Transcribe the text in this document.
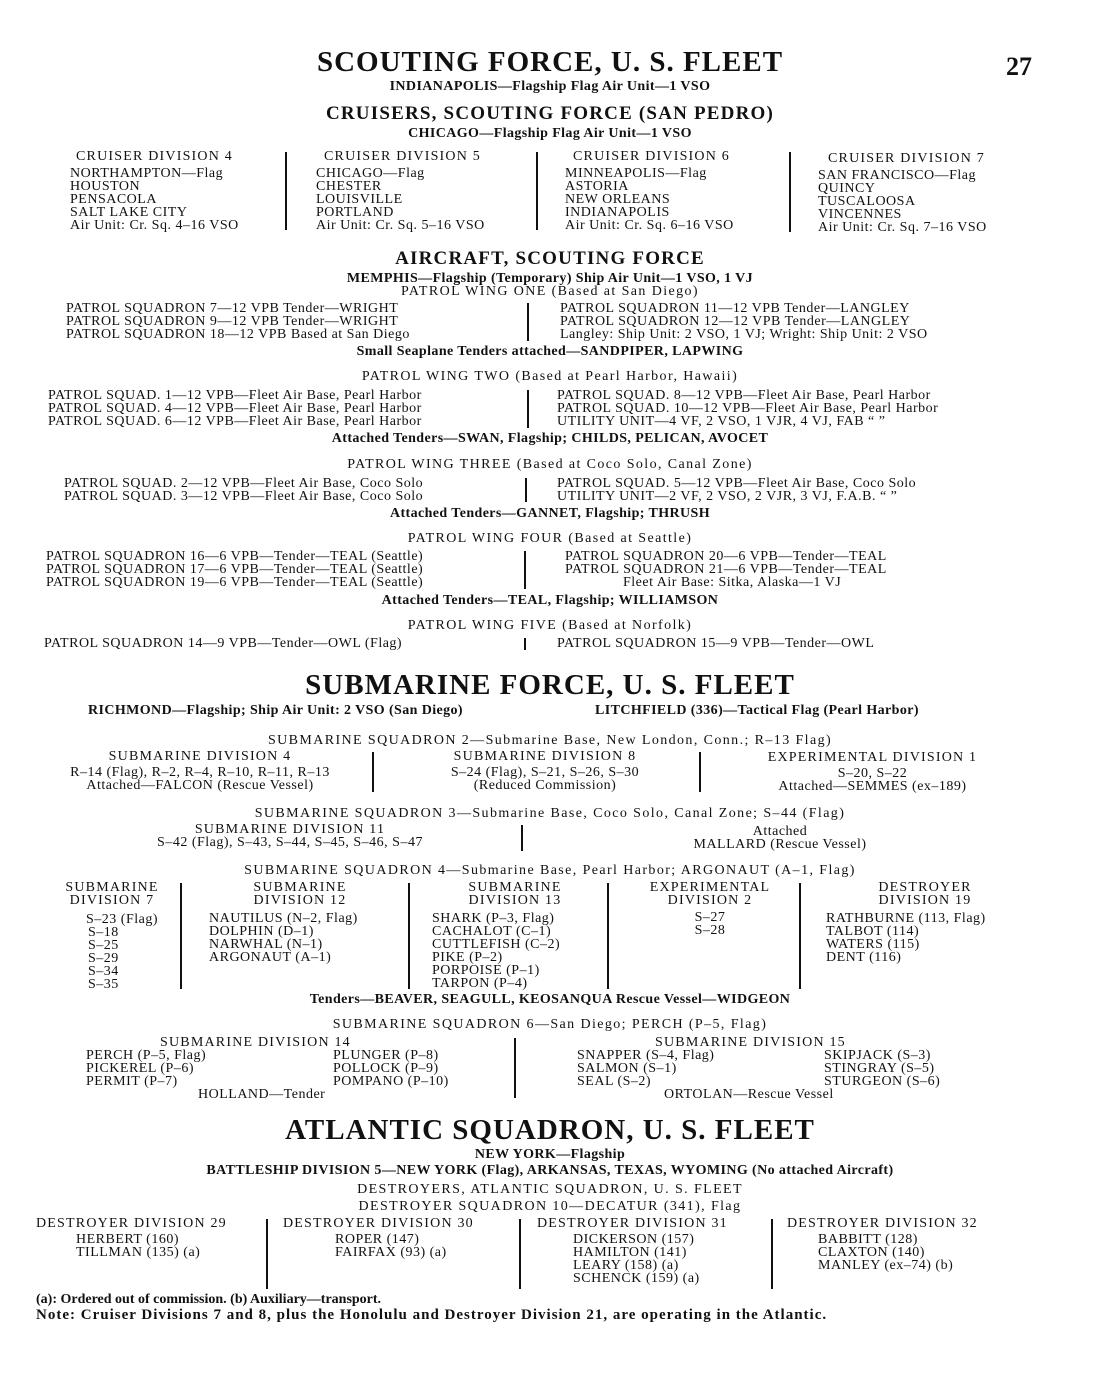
27
SCOUTING FORCE, U. S. FLEET
INDIANAPOLIS—Flagship Flag Air Unit—1 VSO
CRUISERS, SCOUTING FORCE (SAN PEDRO)
CHICAGO—Flagship Flag Air Unit—1 VSO
CRUISER DIVISION 4
NORTHAMPTON—Flag
HOUSTON
PENSACOLA
SALT LAKE CITY
Air Unit: Cr. Sq. 4–16 VSO
CRUISER DIVISION 5
CHICAGO—Flag
CHESTER
LOUISVILLE
PORTLAND
Air Unit: Cr. Sq. 5–16 VSO
CRUISER DIVISION 6
MINNEAPOLIS—Flag
ASTORIA
NEW ORLEANS
INDIANAPOLIS
Air Unit: Cr. Sq. 6–16 VSO
CRUISER DIVISION 7
SAN FRANCISCO—Flag
QUINCY
TUSCALOOSA
VINCENNES
Air Unit: Cr. Sq. 7–16 VSO
AIRCRAFT, SCOUTING FORCE
MEMPHIS—Flagship (Temporary) Ship Air Unit—1 VSO, 1 VJ
PATROL WING ONE (Based at San Diego)
PATROL SQUADRON 7—12 VPB Tender—WRIGHT
PATROL SQUADRON 9—12 VPB Tender—WRIGHT
PATROL SQUADRON 18—12 VPB Based at San Diego
PATROL SQUADRON 11—12 VPB Tender—LANGLEY
PATROL SQUADRON 12—12 VPB Tender—LANGLEY
Langley: Ship Unit: 2 VSO, 1 VJ; Wright: Ship Unit: 2 VSO
Small Seaplane Tenders attached—SANDPIPER, LAPWING
PATROL WING TWO (Based at Pearl Harbor, Hawaii)
PATROL SQUAD. 1—12 VPB—Fleet Air Base, Pearl Harbor
PATROL SQUAD. 4—12 VPB—Fleet Air Base, Pearl Harbor
PATROL SQUAD. 6—12 VPB—Fleet Air Base, Pearl Harbor
PATROL SQUAD. 8—12 VPB—Fleet Air Base, Pearl Harbor
PATROL SQUAD. 10—12 VPB—Fleet Air Base, Pearl Harbor
UTILITY UNIT—4 VF, 2 VSO, 1 VJR, 4 VJ, FAB “ ”
Attached Tenders—SWAN, Flagship; CHILDS, PELICAN, AVOCET
PATROL WING THREE (Based at Coco Solo, Canal Zone)
PATROL SQUAD. 2—12 VPB—Fleet Air Base, Coco Solo
PATROL SQUAD. 3—12 VPB—Fleet Air Base, Coco Solo
PATROL SQUAD. 5—12 VPB—Fleet Air Base, Coco Solo
UTILITY UNIT—2 VF, 2 VSO, 2 VJR, 3 VJ, F.A.B. “ ”
Attached Tenders—GANNET, Flagship; THRUSH
PATROL WING FOUR (Based at Seattle)
PATROL SQUADRON 16—6 VPB—Tender—TEAL (Seattle)
PATROL SQUADRON 17—6 VPB—Tender—TEAL (Seattle)
PATROL SQUADRON 19—6 VPB—Tender—TEAL (Seattle)
PATROL SQUADRON 20—6 VPB—Tender—TEAL
PATROL SQUADRON 21—6 VPB—Tender—TEAL
Fleet Air Base: Sitka, Alaska—1 VJ
Attached Tenders—TEAL, Flagship; WILLIAMSON
PATROL WING FIVE (Based at Norfolk)
PATROL SQUADRON 14—9 VPB—Tender—OWL (Flag)	PATROL SQUADRON 15—9 VPB—Tender—OWL
SUBMARINE FORCE, U. S. FLEET
RICHMOND—Flagship; Ship Air Unit: 2 VSO (San Diego)	LITCHFIELD (336)—Tactical Flag (Pearl Harbor)
SUBMARINE SQUADRON 2—Submarine Base, New London, Conn.; R–13 Flag)
SUBMARINE DIVISION 4
R–14 (Flag), R–2, R–4, R–10, R–11, R–13
Attached—FALCON (Rescue Vessel)
SUBMARINE DIVISION 8
S–24 (Flag), S–21, S–26, S–30
(Reduced Commission)
EXPERIMENTAL DIVISION 1
S–20, S–22
Attached—SEMMES (ex–189)
SUBMARINE SQUADRON 3—Submarine Base, Coco Solo, Canal Zone; S–44 (Flag)
SUBMARINE DIVISION 11
S–42 (Flag), S–43, S–44, S–45, S–46, S–47
Attached
MALLARD (Rescue Vessel)
SUBMARINE SQUADRON 4—Submarine Base, Pearl Harbor; ARGONAUT (A–1, Flag)
SUBMARINE
DIVISION 7
S–23 (Flag)
S–18
S–25
S–29
S–34
S–35
SUBMARINE
DIVISION 12
NAUTILUS (N–2, Flag)
DOLPHIN (D–1)
NARWHAL (N–1)
ARGONAUT (A–1)
SUBMARINE
DIVISION 13
SHARK (P–3, Flag)
CACHALOT (C–1)
CUTTLEFISH (C–2)
PIKE (P–2)
PORPOISE (P–1)
TARPON (P–4)
EXPERIMENTAL
DIVISION 2
S–27
S–28
DESTROYER
DIVISION 19
RATHBURNE (113, Flag)
TALBOT (114)
WATERS (115)
DENT (116)
Tenders—BEAVER, SEAGULL, KEOSANQUA Rescue Vessel—WIDGEON
SUBMARINE SQUADRON 6—San Diego; PERCH (P–5, Flag)
SUBMARINE DIVISION 14
PERCH (P–5, Flag)
PICKEREL (P–6)
PERMIT (P–7)
PLUNGER (P–8)
POLLOCK (P–9)
POMPANO (P–10)
HOLLAND—Tender
SUBMARINE DIVISION 15
SNAPPER (S–4, Flag)
SALMON (S–1)
SEAL (S–2)
SKIPJACK (S–3)
STINGRAY (S–5)
STURGEON (S–6)
ORTOLAN—Rescue Vessel
ATLANTIC SQUADRON, U. S. FLEET
NEW YORK—Flagship
BATTLESHIP DIVISION 5—NEW YORK (Flag), ARKANSAS, TEXAS, WYOMING (No attached Aircraft)
DESTROYERS, ATLANTIC SQUADRON, U. S. FLEET
DESTROYER SQUADRON 10—DECATUR (341), Flag
DESTROYER DIVISION 29
HERBERT (160)
TILLMAN (135) (a)
DESTROYER DIVISION 30
ROPER (147)
FAIRFAX (93) (a)
DESTROYER DIVISION 31
DICKERSON (157)
HAMILTON (141)
LEARY (158) (a)
SCHENCK (159) (a)
DESTROYER DIVISION 32
BABBITT (128)
CLAXTON (140)
MANLEY (ex–74) (b)
(a): Ordered out of commission. (b) Auxiliary—transport.
Note: Cruiser Divisions 7 and 8, plus the Honolulu and Destroyer Division 21, are operating in the Atlantic.
